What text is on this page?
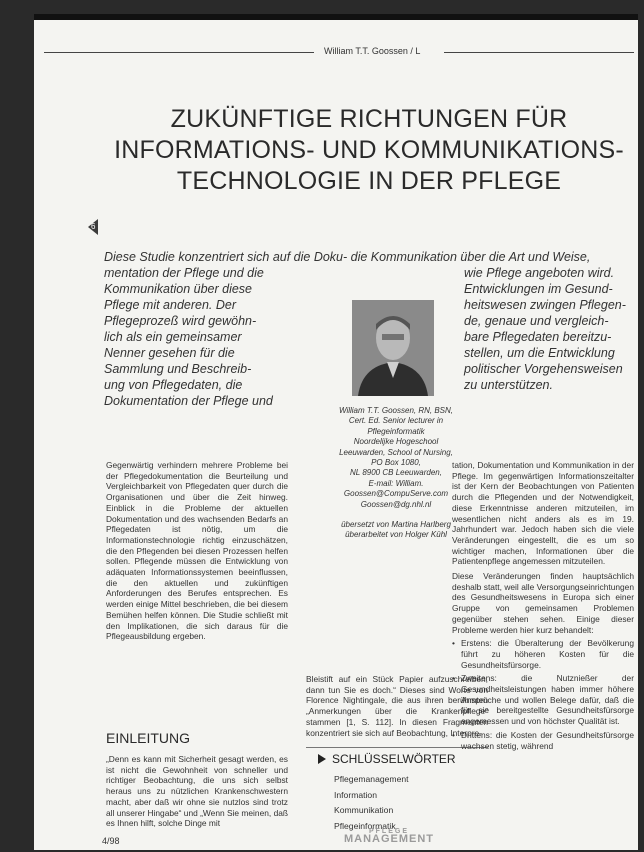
William T.T. Goossen / L
ZUKÜNFTIGE RICHTUNGEN FÜR
INFORMATIONS- UND KOMMUNIKATIONS-
TECHNOLOGIE IN DER PFLEGE
6
Diese Studie konzentriert sich auf die Doku- die Kommunikation über die Art und Weise,
mentation der Pflege und die
Kommunikation über diese
Pflege mit anderen. Der
Pflegeprozeß wird gewöhn-
lich als ein gemeinsamer
Nenner gesehen für die
Sammlung und Beschreib-
ung von Pflegedaten, die
Dokumentation der Pflege und
wie Pflege angeboten wird.
Entwicklungen im Gesund-
heitswesen zwingen Pflegen-
de, genaue und vergleich-
bare Pflegedaten bereitzu-
stellen, um die Entwicklung
politischer Vorgehensweisen
zu unterstützen.
William T.T. Goossen, RN, BSN,
Cert. Ed. Senior lecturer in
Pflegeinformatik
Noordelijke Hogeschool
Leeuwarden, School of Nursing,
PO Box 1080,
NL 8900 CB Leeuwarden,
E-mail: William.
Goossen@CompuServe.com
Goossen@dg.nhl.nl
übersetzt von Martina Harlberg
überarbeitet von Holger Kühl

Gegenwärtig verhindern mehrere Probleme bei der Pflegedokumentation die Beurteilung und Vergleichbarkeit von Pflegedaten quer durch die Organisationen und über die Zeit hinweg. Einblick in die Probleme der aktuellen Dokumentation und des wachsenden Bedarfs an Pflegedaten ist nötig, um die Informationstechnologie richtig einzuschätzen, die den Pflegenden bei diesen Prozessen helfen sollen. Pflegende müssen die Entwicklung von adäquaten Informationssystemen beeinflussen, die den aktuellen und zukünftigen Anforderungen des Berufes entsprechen. Es werden einige Mittel beschrieben, die bei diesem Bemühen helfen können. Die Studie schließt mit den Implikationen, die sich daraus für die Pflegeausbildung ergeben.

EINLEITUNG

„Denn es kann mit Sicherheit gesagt werden, es ist nicht die Gewohnheit von schneller und richtiger Beobachtung, die uns sich selbst heraus uns zu nützlichen Krankenschwestern macht, aber daß wir ohne sie nutzlos sind trotz all unserer Hingabe“ und „Wenn Sie meinen, daß es Ihnen hilft, solche Dinge mit

Bleistift auf ein Stück Papier aufzuschreiben, dann tun Sie es doch.“ Dieses sind Worte von Florence Nightingale, die aus ihren berühmten „Anmerkungen über die Krankenpflege“ stammen [1, S. 112]. In diesen Fragmenten konzentriert sie sich auf Beobachtung, Interpre-

SCHLÜSSELWÖRTER
Pflegemanagement
Information
Kommunikation
Pflegeinformatik

tation, Dokumentation und Kommunikation in der Pflege. Im gegenwärtigen Informationszeitalter ist der Kern der Beobachtungen von Patienten durch die Pflegenden und der Notwendigkeit, diese Erkenntnisse anderen mitzuteilen, im wesentlichen nicht anders als es im 19. Jahrhundert war. Jedoch haben sich die viele Veränderungen eingestellt, die es um so wichtiger machen, Informationen über die Patientenpflege angemessen mitzuteilen.

Diese Veränderungen finden hauptsächlich deshalb statt, weil alle Versorgungseinrichtungen des Gesundheitswesens in Europa sich einer Gruppe von gemeinsamen Problemen gegenüber stehen sehen. Einige dieser Probleme werden hier kurz behandelt:

• Erstens: die Überalterung der Bevölkerung führt zu höheren Kosten für die Gesundheitsfürsorge.
• Zweitens: die Nutznießer der Gesundheitsleistungen haben immer höhere Ansprüche und wollen Belege dafür, daß die für sie bereitgestellte Gesundheitsfürsorge angemessen und von höchster Qualität ist.
• Drittens: die Kosten der Gesundheitsfürsorge wachsen stetig, während
4/98
PFLEGE
MANAGEMENT
